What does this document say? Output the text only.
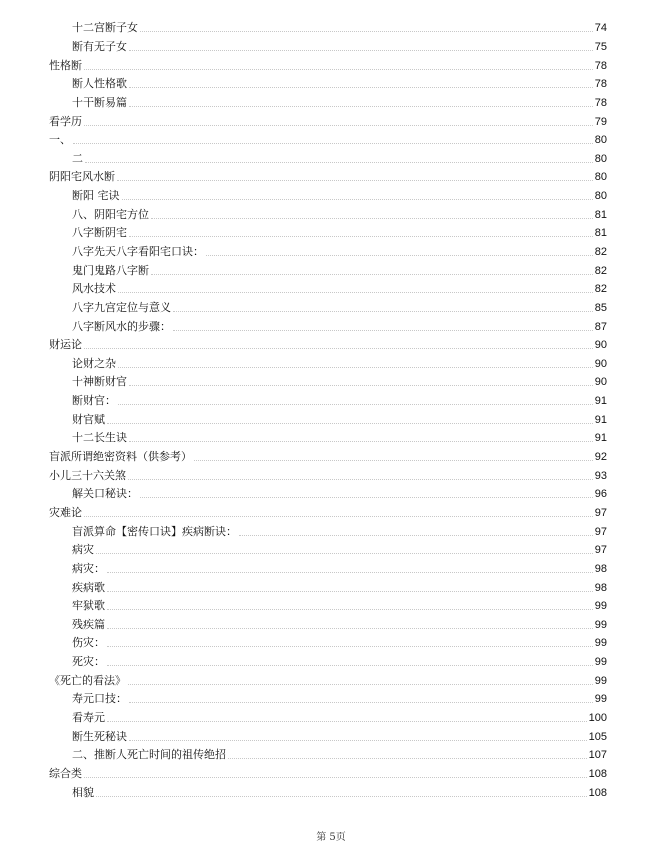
十二宫断子女	74
断有无子女	75
性格断	78
断人性格歌	78
十干断易篇	78
看学历	79
一、	80
二	80
阴阳宅风水断	80
断阳 宅诀	80
八、阴阳宅方位	81
八字断阴宅	81
八字先天八字看阳宅口诀：	82
鬼门鬼路八字断	82
风水技术	82
八字九宫定位与意义	85
八字断风水的步骤：	87
财运论	90
论财之杂	90
十神断财官	90
断财官：	91
财官赋	91
十二长生诀	91
盲派所谓绝密资料（供参考）	92
小儿三十六关煞	93
解关口秘诀：	96
灾难论	97
盲派算命【密传口诀】疾病断诀：	97
病灾	97
病灾：	98
疾病歌	98
牢狱歌	99
残疾篇	99
伤灾：	99
死灾：	99
《死亡的看法》	99
寿元口技：	99
看寿元	100
断生死秘诀	105
二、推断人死亡时间的祖传绝招	107
综合类	108
相貌	108
第 5页
